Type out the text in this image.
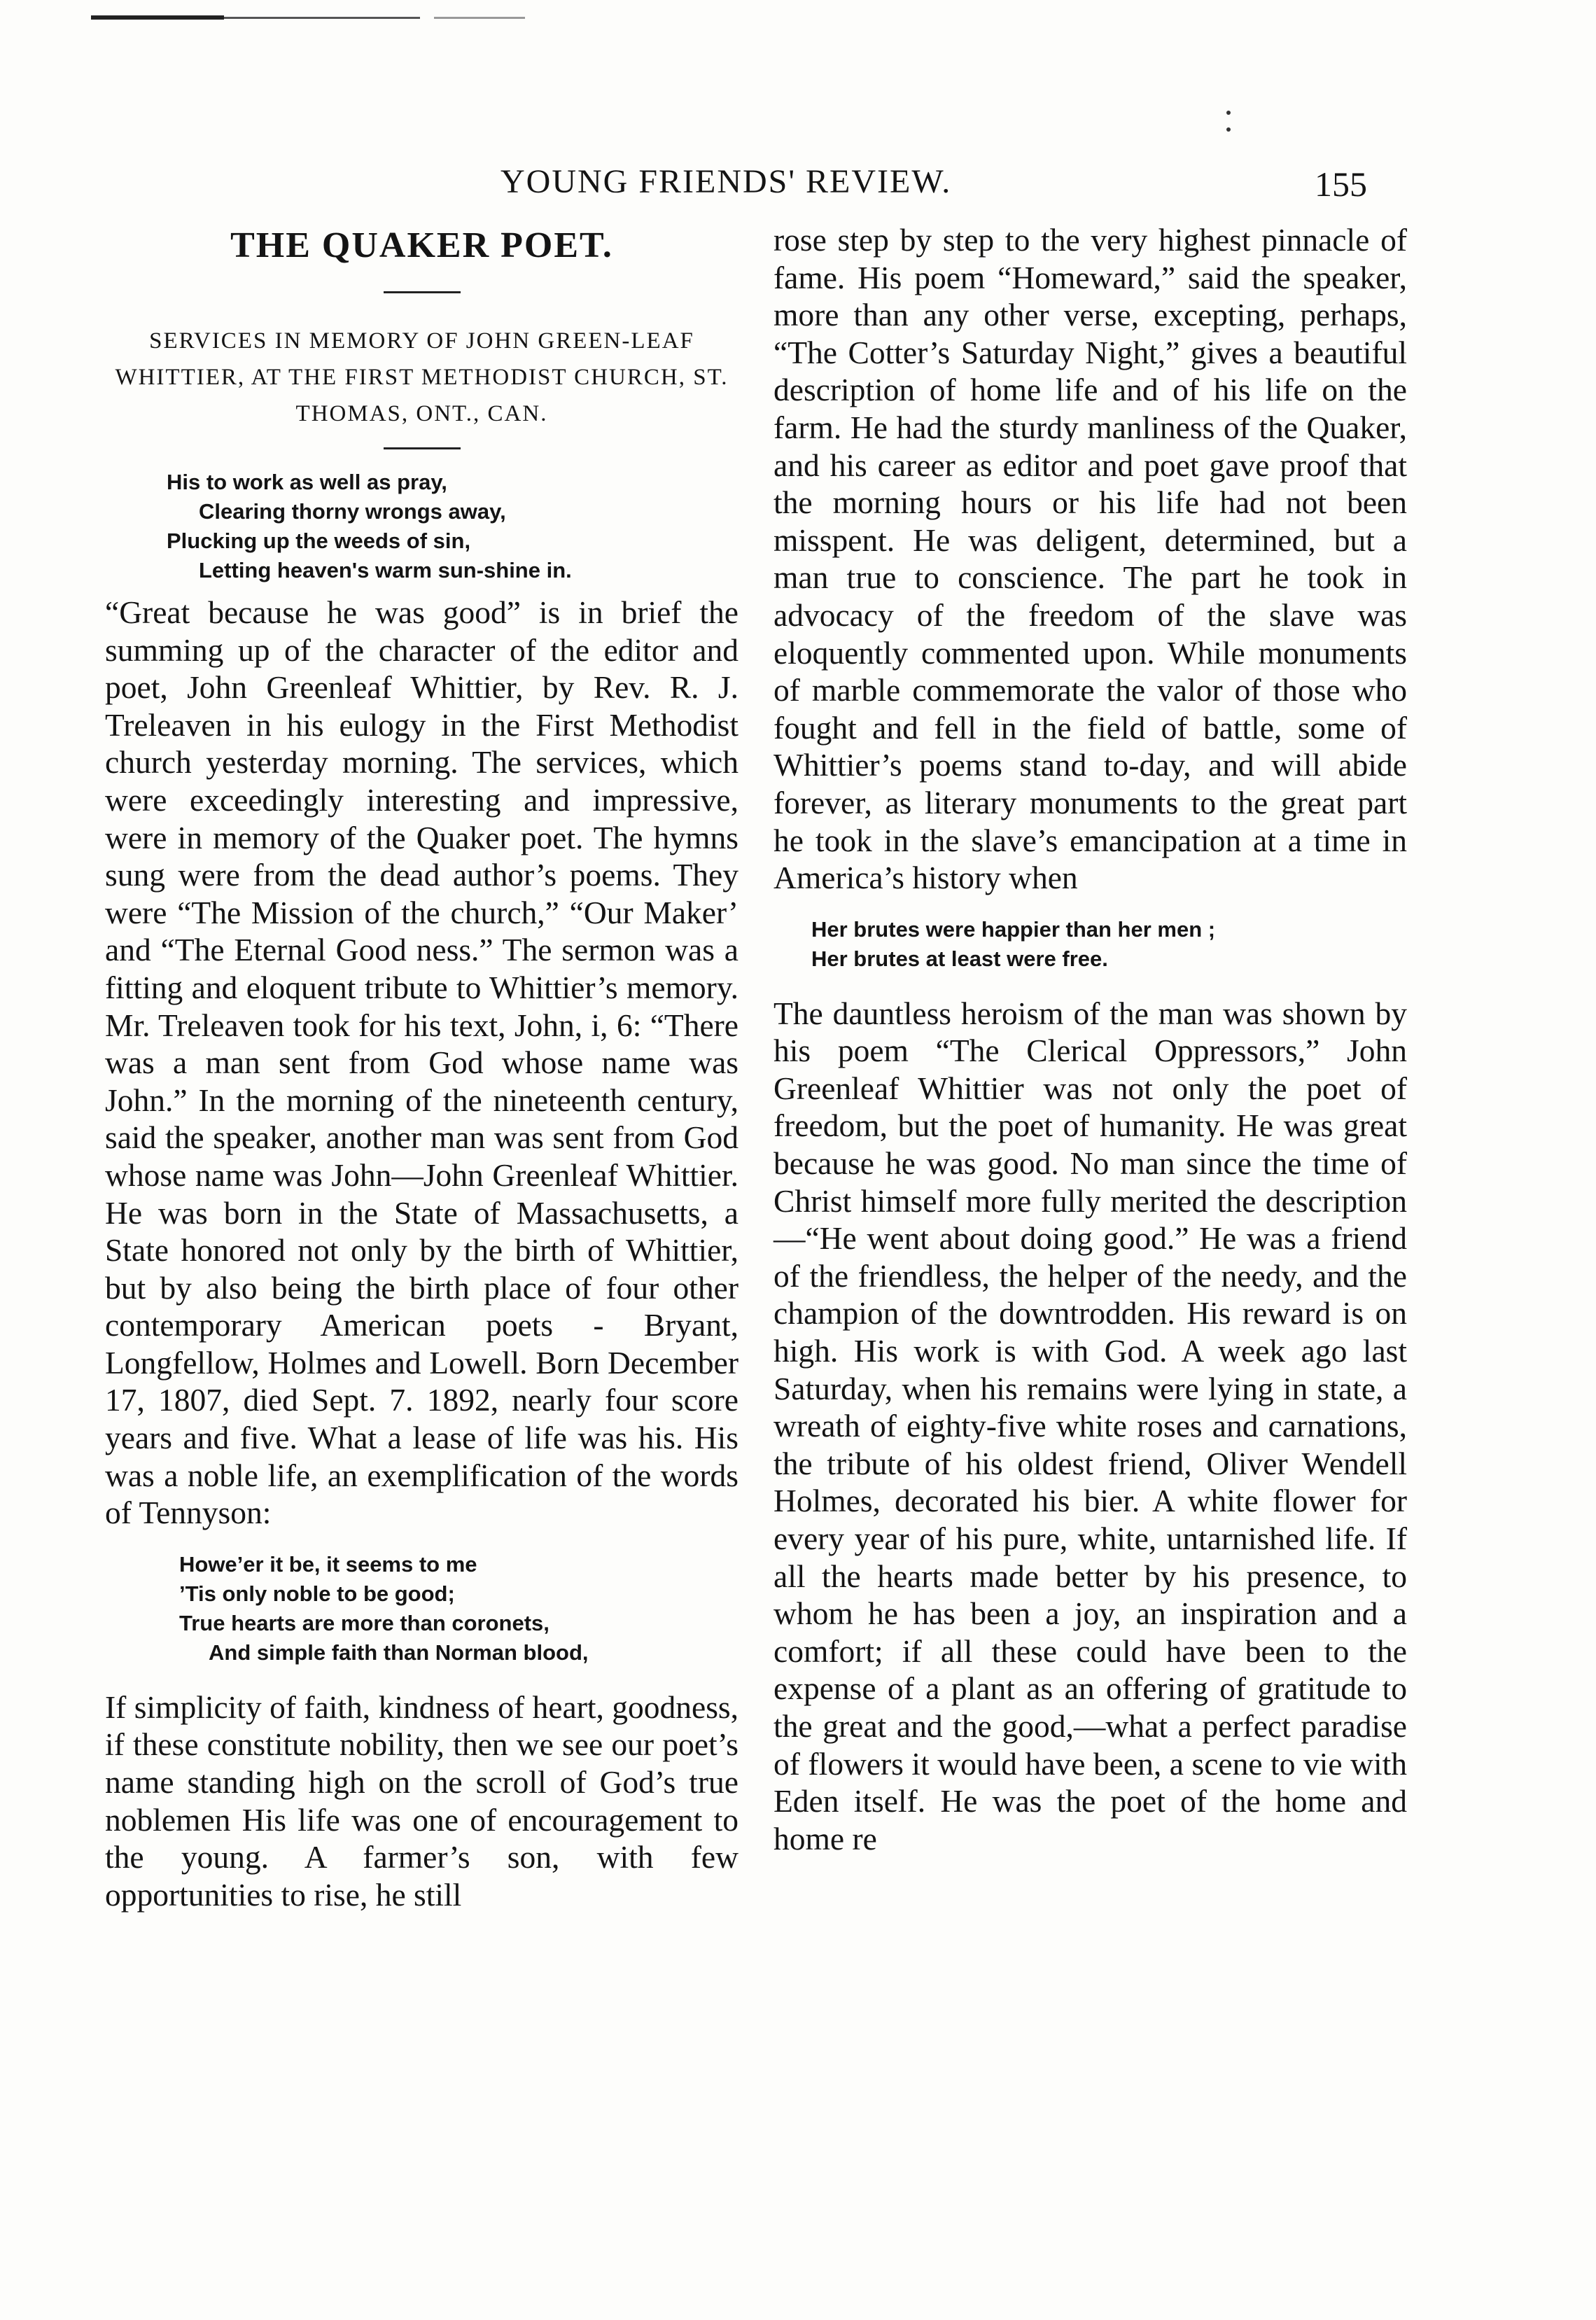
YOUNG FRIENDS' REVIEW.	155
THE QUAKER POET.
SERVICES IN MEMORY OF JOHN GREEN-LEAF WHITTIER, AT THE FIRST METHODIST CHURCH, ST. THOMAS, ONT., CAN.
His to work as well as pray,
Clearing thorny wrongs away,
Plucking up the weeds of sin,
Letting heaven's warm sun-shine in.

“Great because he was good” is in brief the summing up of the character of the editor and poet, John Greenleaf Whittier, by Rev. R. J. Treleaven in his eulogy in the First Methodist church yesterday morning. The services, which were exceedingly interesting and impressive, were in memory of the Quaker poet. The hymns sung were from the dead author’s poems. They were “The Mission of the church,” “Our Maker’ and “The Eternal Good ness.” The sermon was a fitting and eloquent tribute to Whittier’s memory. Mr. Treleaven took for his text, John, i, 6: “There was a man sent from God whose name was John.” In the morning of the nineteenth century, said the speaker, another man was sent from God whose name was John—John Greenleaf Whittier. He was born in the State of Massachusetts, a State honored not only by the birth of Whittier, but by also being the birth place of four other contemporary American poets - Bryant, Longfellow, Holmes and Lowell. Born December 17, 1807, died Sept. 7. 1892, nearly four score years and five. What a lease of life was his. His was a noble life, an exemplification of the words of Tennyson:

Howe’er it be, it seems to me
’Tis only noble to be good;
True hearts are more than coronets,
And simple faith than Norman blood,

If simplicity of faith, kindness of heart, goodness, if these constitute nobility, then we see our poet’s name standing high on the scroll of God’s true noblemen His life was one of encouragement to the young. A farmer’s son, with few opportunities to rise, he still

rose step by step to the very highest pinnacle of fame. His poem “Homeward,” said the speaker, more than any other verse, excepting, perhaps, “The Cotter’s Saturday Night,” gives a beautiful description of home life and of his life on the farm. He had the sturdy manliness of the Quaker, and his career as editor and poet gave proof that the morning hours or his life had not been misspent. He was deligent, determined, but a man true to conscience. The part he took in advocacy of the freedom of the slave was eloquently commented upon. While monuments of marble commemorate the valor of those who fought and fell in the field of battle, some of Whittier’s poems stand to-day, and will abide forever, as literary monuments to the great part he took in the slave’s emancipation at a time in America’s history when

Her brutes were happier than her men ;
Her brutes at least were free.

The dauntless heroism of the man was shown by his poem “The Clerical Oppressors,” John Greenleaf Whittier was not only the poet of freedom, but the poet of humanity. He was great because he was good. No man since the time of Christ himself more fully merited the description—“He went about doing good.” He was a friend of the friendless, the helper of the needy, and the champion of the downtrodden. His reward is on high. His work is with God. A week ago last Saturday, when his remains were lying in state, a wreath of eighty-five white roses and carnations, the tribute of his oldest friend, Oliver Wendell Holmes, decorated his bier. A white flower for every year of his pure, white, untarnished life. If all the hearts made better by his presence, to whom he has been a joy, an inspiration and a comfort; if all these could have been to the expense of a plant as an offering of gratitude to the great and the good,—what a perfect paradise of flowers it would have been, a scene to vie with Eden itself. He was the poet of the home and home re
